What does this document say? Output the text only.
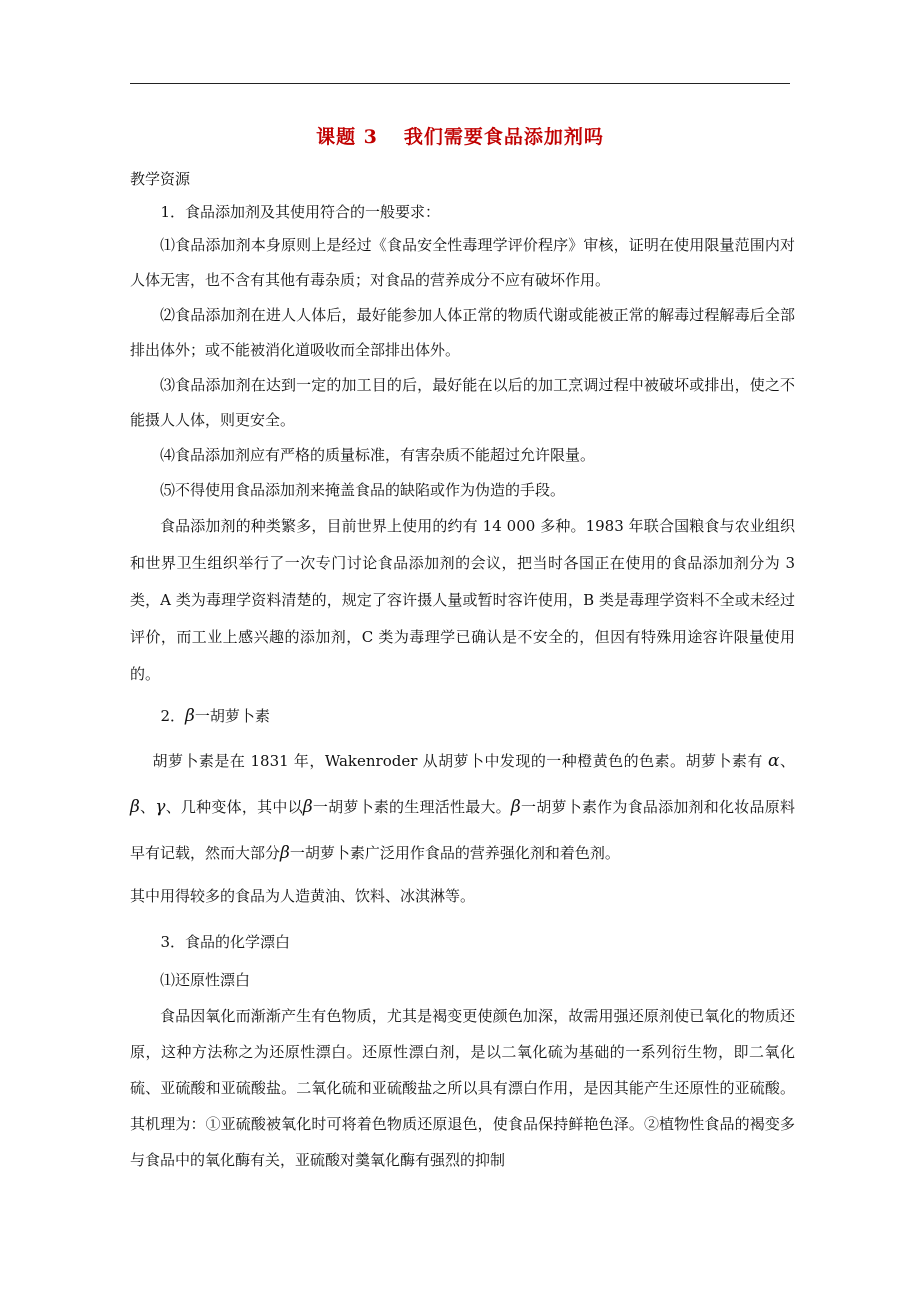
课题 3 我们需要食品添加剂吗

教学资源

1．食品添加剂及其使用符合的一般要求：

⑴食品添加剂本身原则上是经过《食品安全性毒理学评价程序》审核，证明在使用限量范围内对人体无害，也不含有其他有毒杂质；对食品的营养成分不应有破坏作用。

⑵食品添加剂在进人人体后，最好能参加人体正常的物质代谢或能被正常的解毒过程解毒后全部排出体外；或不能被消化道吸收而全部排出体外。

⑶食品添加剂在达到一定的加工目的后，最好能在以后的加工烹调过程中被破坏或排出，使之不能摄人人体，则更安全。

⑷食品添加剂应有严格的质量标准，有害杂质不能超过允许限量。

⑸不得使用食品添加剂来掩盖食品的缺陷或作为伪造的手段。

食品添加剂的种类繁多，目前世界上使用的约有 14 000 多种。1983 年联合国粮食与农业组织和世界卫生组织举行了一次专门讨论食品添加剂的会议，把当时各国正在使用的食品添加剂分为 3 类，A 类为毒理学资料清楚的，规定了容许摄人量或暂时容许使用，B 类是毒理学资料不全或未经过评价，而工业上感兴趣的添加剂，C 类为毒理学已确认是不安全的，但因有特殊用途容许限量使用的。

2．β一胡萝卜素

胡萝卜素是在 1831 年，Wakenroder 从胡萝卜中发现的一种橙黄色的色素。胡萝卜素有 α、β、γ、几种变体，其中以β一胡萝卜素的生理活性最大。β一胡萝卜素作为食品添加剂和化妆品原料早有记载，然而大部分β一胡萝卜素广泛用作食品的营养强化剂和着色剂。

其中用得较多的食品为人造黄油、饮料、冰淇淋等。

3．食品的化学漂白

⑴还原性漂白

食品因氧化而渐渐产生有色物质，尤其是褐变更使颜色加深，故需用强还原剂使已氧化的物质还原，这种方法称之为还原性漂白。还原性漂白剂，是以二氧化硫为基础的一系列衍生物，即二氧化硫、亚硫酸和亚硫酸盐。二氧化硫和亚硫酸盐之所以具有漂白作用，是因其能产生还原性的亚硫酸。其机理为：①亚硫酸被氧化时可将着色物质还原退色，使食品保持鲜艳色泽。②植物性食品的褐变多与食品中的氧化酶有关，亚硫酸对羹氧化酶有强烈的抑制
